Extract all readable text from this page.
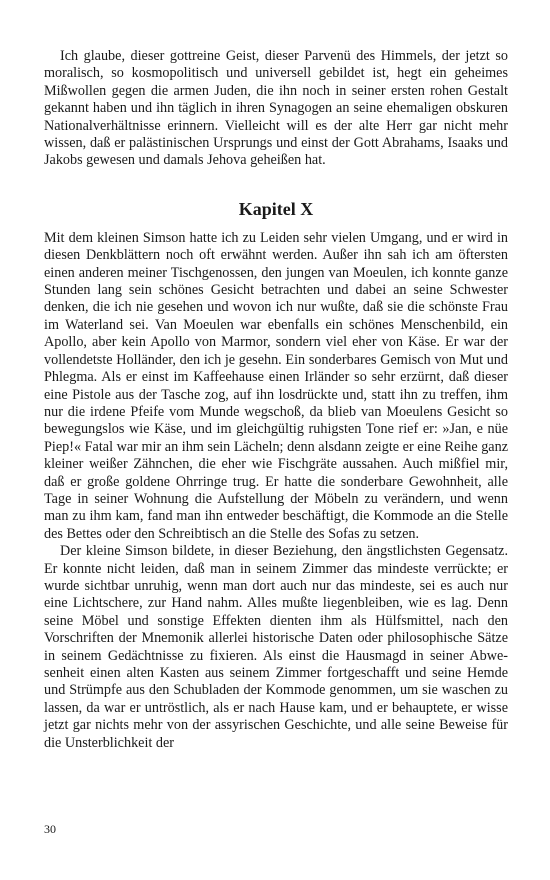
Ich glaube, dieser gottreine Geist, dieser Parvenü des Himmels, der jetzt so moralisch, so kosmopolitisch und universell gebildet ist, hegt ein geheimes Mißwollen gegen die armen Juden, die ihn noch in seiner ersten rohen Gestalt gekannt haben und ihn täglich in ihren Synagogen an seine ehemaligen obskuren Nationalverhältnisse erinnern. Vielleicht will es der alte Herr gar nicht mehr wissen, daß er palästinischen Ursprungs und einst der Gott Abrahams, Isaaks und Jakobs gewesen und damals Jehova geheißen hat.

Kapitel X

Mit dem kleinen Simson hatte ich zu Leiden sehr vielen Umgang, und er wird in diesen Denkblättern noch oft erwähnt werden. Außer ihn sah ich am öftersten einen anderen meiner Tischgenossen, den jungen van Moeulen, ich konnte ganze Stunden lang sein schönes Gesicht betrachten und dabei an seine Schwester denken, die ich nie gesehen und wovon ich nur wußte, daß sie die schönste Frau im Waterland sei. Van Moeulen war ebenfalls ein schönes Menschenbild, ein Apollo, aber kein Apollo von Marmor, sondern viel eher von Käse. Er war der vollendetste Holländer, den ich je gesehn. Ein sonderbares Gemisch von Mut und Phlegma. Als er einst im Kaffeehause einen Irländer so sehr erzürnt, daß dieser eine Pistole aus der Tasche zog, auf ihn losdrückte und, statt ihn zu treffen, ihm nur die irdene Pfeife vom Munde wegschoß, da blieb van Moeulens Gesicht so bewegungslos wie Käse, und im gleichgültig ruhigsten Tone rief er: »Jan, e nüe Piep!« Fatal war mir an ihm sein Lächeln; denn alsdann zeigte er eine Reihe ganz kleiner weißer Zähnchen, die eher wie Fischgräte aussahen. Auch mißfiel mir, daß er große goldene Ohrringe trug. Er hatte die sonderbare Gewohnheit, alle Tage in seiner Wohnung die Aufstellung der Möbeln zu verändern, und wenn man zu ihm kam, fand man ihn entweder beschäftigt, die Kommode an die Stelle des Bettes oder den Schreibtisch an die Stelle des Sofas zu setzen.

Der kleine Simson bildete, in dieser Beziehung, den ängstlichsten Gegensatz. Er konnte nicht leiden, daß man in seinem Zimmer das mindeste verrückte; er wurde sichtbar unruhig, wenn man dort auch nur das mindeste, sei es auch nur eine Lichtschere, zur Hand nahm. Alles mußte liegenbleiben, wie es lag. Denn seine Möbel und sonstige Effekten dienten ihm als Hülfsmittel, nach den Vorschriften der Mnemonik allerlei historische Daten oder philosophische Sätze in seinem Gedächtnisse zu fixieren. Als einst die Hausmagd in seiner Abwesenheit einen alten Kasten aus seinem Zimmer fortgeschafft und seine Hemde und Strümpfe aus den Schubladen der Kommode genommen, um sie waschen zu lassen, da war er untröstlich, als er nach Hause kam, und er behauptete, er wisse jetzt gar nichts mehr von der assyrischen Geschichte, und alle seine Beweise für die Unsterblichkeit der

30
